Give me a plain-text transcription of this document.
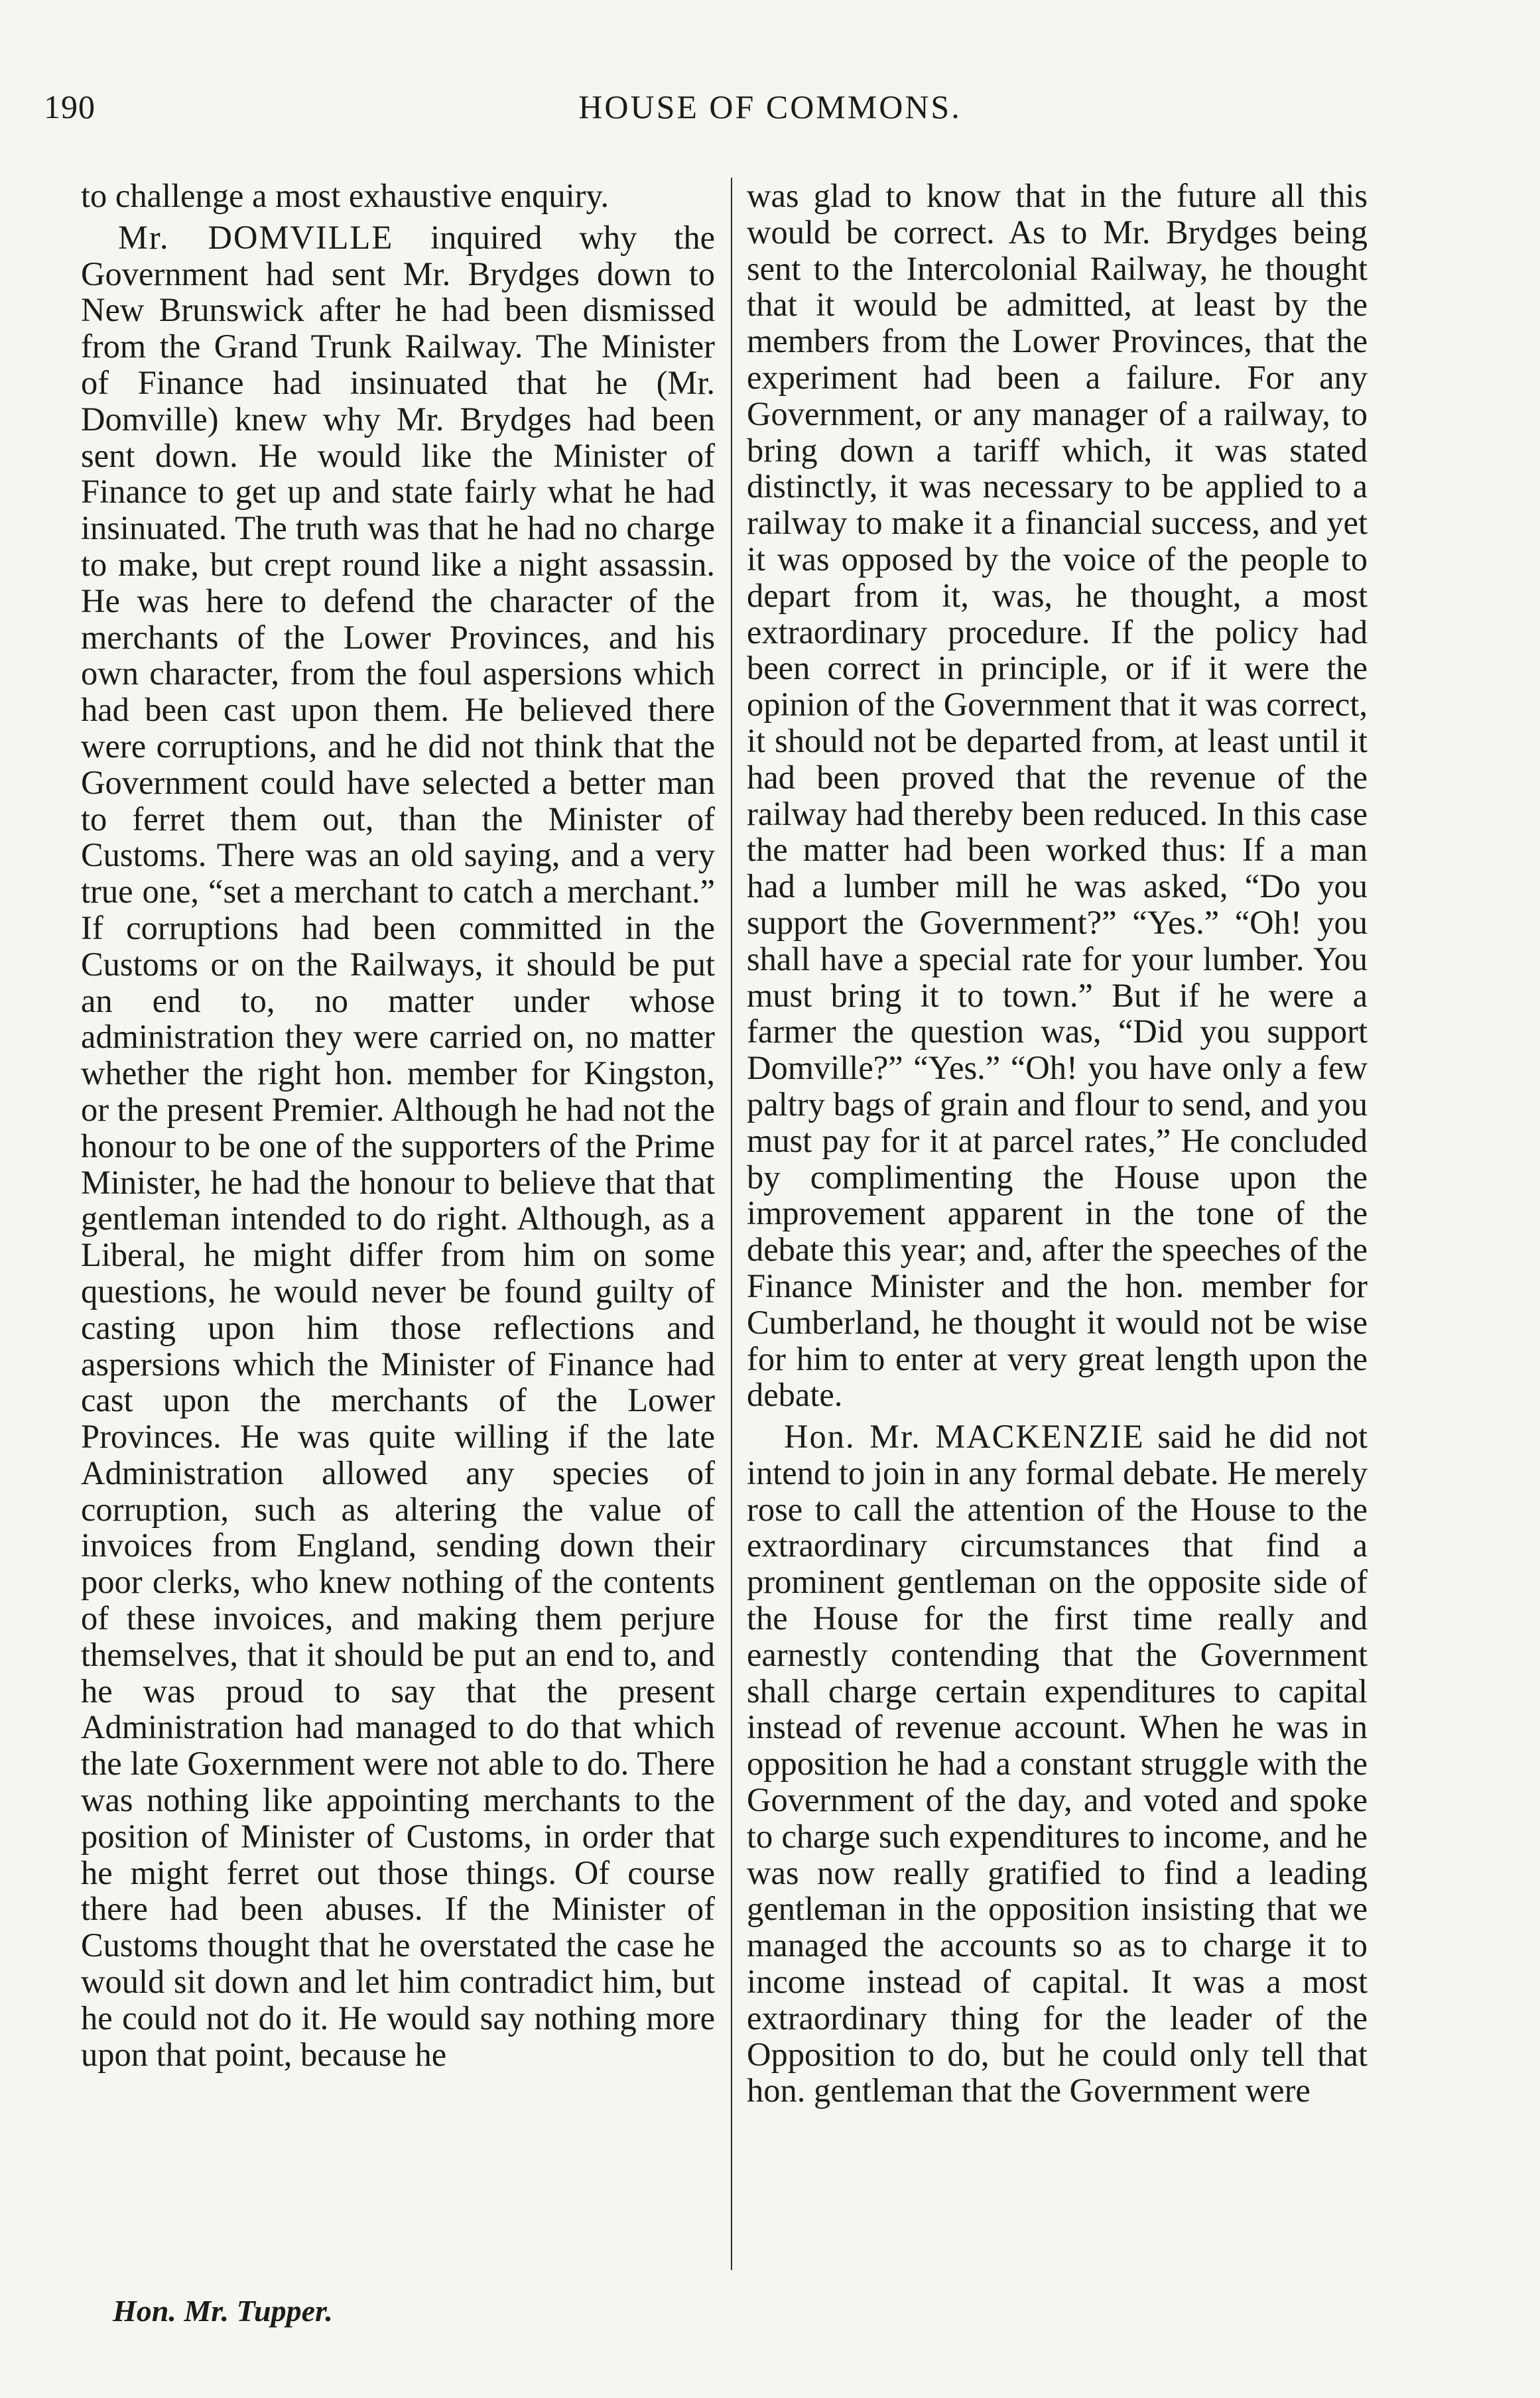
190	HOUSE OF COMMONS.

to challenge a most exhaustive enquiry.

Mr. DOMVILLE inquired why the Government had sent Mr. Brydges down to New Brunswick after he had been dismissed from the Grand Trunk Railway. The Minister of Finance had insinuated that he (Mr. Domville) knew why Mr. Brydges had been sent down. He would like the Minister of Finance to get up and state fairly what he had insinuated. The truth was that he had no charge to make, but crept round like a night assassin. He was here to defend the character of the merchants of the Lower Provinces, and his own character, from the foul aspersions which had been cast upon them. He believed there were corruptions, and he did not think that the Government could have selected a better man to ferret them out, than the Minister of Customs. There was an old saying, and a very true one, “set a merchant to catch a merchant.” If corruptions had been committed in the Customs or on the Railways, it should be put an end to, no matter under whose administration they were carried on, no matter whether the right hon. member for Kingston, or the present Premier. Although he had not the honour to be one of the supporters of the Prime Minister, he had the honour to believe that that gentleman intended to do right. Although, as a Liberal, he might differ from him on some questions, he would never be found guilty of casting upon him those reflections and aspersions which the Minister of Finance had cast upon the merchants of the Lower Provinces. He was quite willing if the late Administration allowed any species of corruption, such as altering the value of invoices from England, sending down their poor clerks, who knew nothing of the contents of these invoices, and making them perjure themselves, that it should be put an end to, and he was proud to say that the present Administration had managed to do that which the late Goxernment were not able to do. There was nothing like appointing merchants to the position of Minister of Customs, in order that he might ferret out those things. Of course there had been abuses. If the Minister of Customs thought that he overstated the case he would sit down and let him contradict him, but he could not do it. He would say nothing more upon that point, because he

was glad to know that in the future all this would be correct. As to Mr. Brydges being sent to the Intercolonial Railway, he thought that it would be admitted, at least by the members from the Lower Provinces, that the experiment had been a failure. For any Government, or any manager of a railway, to bring down a tariff which, it was stated distinctly, it was necessary to be applied to a railway to make it a financial success, and yet it was opposed by the voice of the people to depart from it, was, he thought, a most extraordinary procedure. If the policy had been correct in principle, or if it were the opinion of the Government that it was correct, it should not be departed from, at least until it had been proved that the revenue of the railway had thereby been reduced. In this case the matter had been worked thus: If a man had a lumber mill he was asked, “Do you support the Government?” “Yes.” “Oh! you shall have a special rate for your lumber. You must bring it to town.” But if he were a farmer the question was, “Did you support Domville?” “Yes.” “Oh! you have only a few paltry bags of grain and flour to send, and you must pay for it at parcel rates,” He concluded by complimenting the House upon the improvement apparent in the tone of the debate this year; and, after the speeches of the Finance Minister and the hon. member for Cumberland, he thought it would not be wise for him to enter at very great length upon the debate.

Hon. Mr. MACKENZIE said he did not intend to join in any formal debate. He merely rose to call the attention of the House to the extraordinary circumstances that find a prominent gentleman on the opposite side of the House for the first time really and earnestly contending that the Government shall charge certain expenditures to capital instead of revenue account. When he was in opposition he had a constant struggle with the Government of the day, and voted and spoke to charge such expenditures to income, and he was now really gratified to find a leading gentleman in the opposition insisting that we managed the accounts so as to charge it to income instead of capital. It was a most extraordinary thing for the leader of the Opposition to do, but he could only tell that hon. gentleman that the Government were

Hon. Mr. Tupper.
